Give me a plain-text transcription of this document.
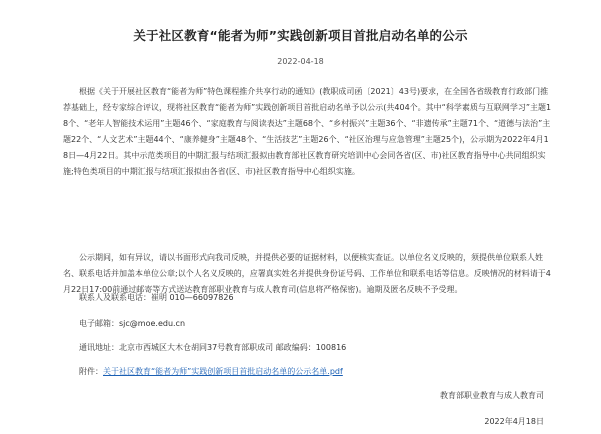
关于社区教育“能者为师”实践创新项目首批启动名单的公示
2022-04-18

根据《关于开展社区教育“能者为师”特色课程推介共享行动的通知》(教职成司函〔2021〕43号)要求，在全国各省级教育行政部门推荐基础上，经专家综合评议，现将社区教育“能者为师”实践创新项目首批启动名单予以公示(共404个。其中“科学素质与互联网学习”主题18个、“老年人智能技术运用”主题46个、“家庭教育与阅读表达”主题68个、“乡村振兴”主题36个、“非遗传承”主题71个、“道德与法治”主题22个、“人文艺术”主题44个、“康养健身”主题48个、“生活技艺”主题26个、“社区治理与应急管理”主题25个)，公示期为2022年4月18日—4月22日。其中示范类项目的中期汇报与结项汇报拟由教育部社区教育研究培训中心会同各省(区、市)社区教育指导中心共同组织实施;特色类项目的中期汇报与结项汇报拟由各省(区、市)社区教育指导中心组织实施。

公示期间，如有异议，请以书面形式向我司反映，并提供必要的证据材料，以便核实查证。以单位名义反映的，须提供单位联系人姓名、联系电话并加盖本单位公章;以个人名义反映的，应署真实姓名并提供身份证号码、工作单位和联系电话等信息。反映情况的材料请于4月22日17:00前通过邮寄等方式送达教育部职业教育与成人教育司(信息将严格保密)。逾期及匿名反映不予受理。

联系人及联系电话：崔明 010—66097826
电子邮箱：sjc@moe.edu.cn
通讯地址：北京市西城区大木仓胡同37号教育部职成司 邮政编码：100816
附件：关于社区教育“能者为师”实践创新项目首批启动名单的公示名单.pdf
教育部职业教育与成人教育司
2022年4月18日
